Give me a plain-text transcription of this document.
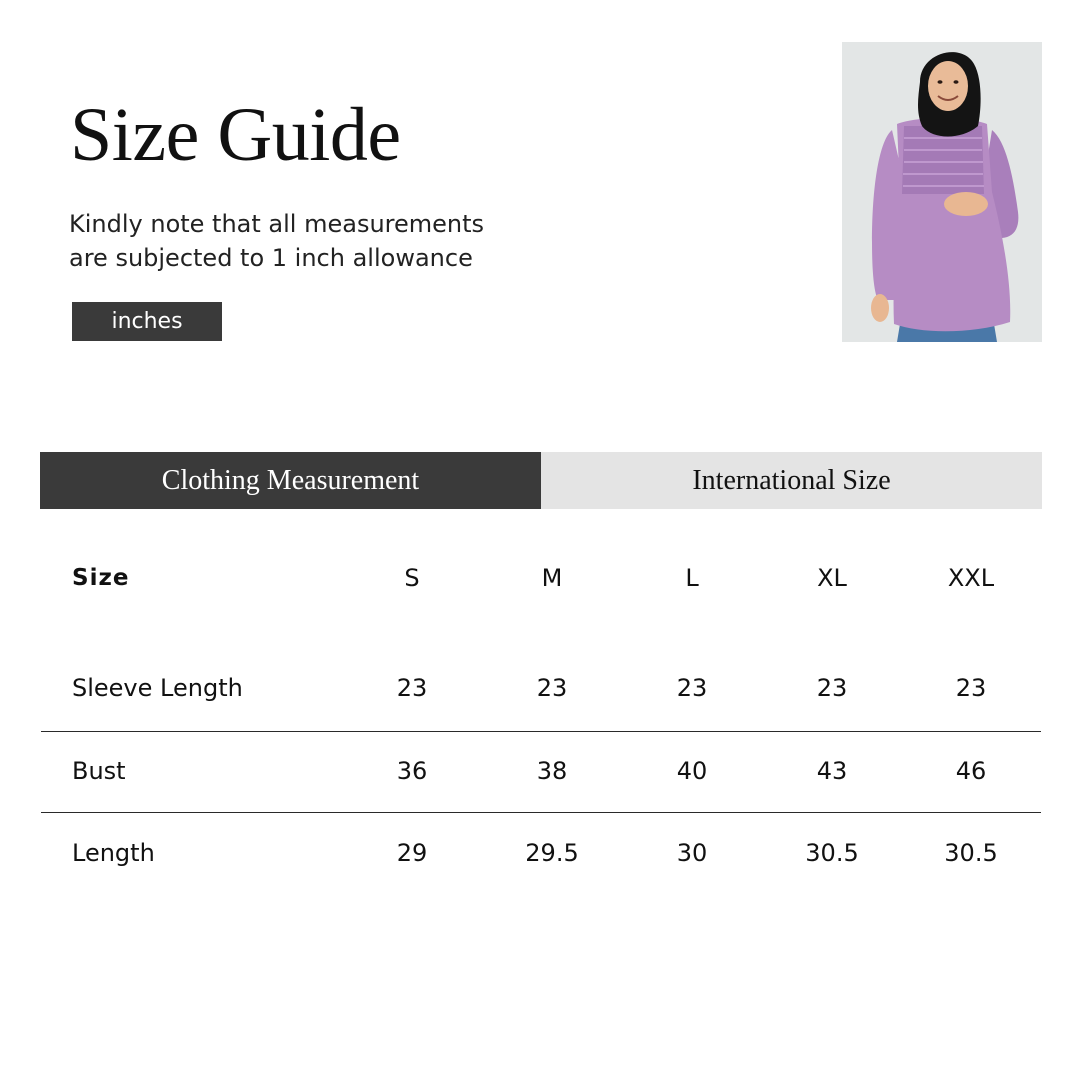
Size Guide
Kindly note that all measurements
are subjected to 1 inch allowance
inches
Clothing Measurement	International Size
Size	S	M	L	XL	XXL
Sleeve Length	23	23	23	23	23
Bust	36	38	40	43	46
Length	29	29.5	30	30.5	30.5
